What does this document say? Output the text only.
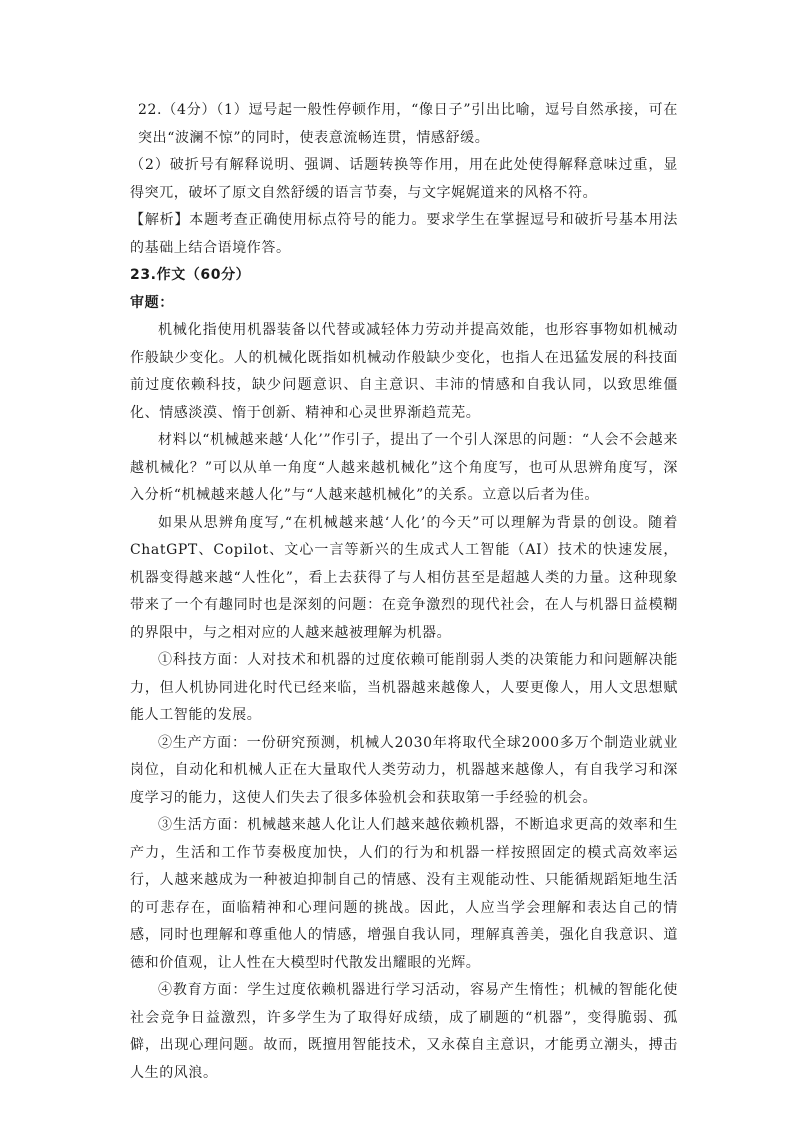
22.（4分）（1）逗号起一般性停顿作用，“像日子”引出比喻，逗号自然承接，可在突出“波澜不惊”的同时，使表意流畅连贯，情感舒缓。

（2）破折号有解释说明、强调、话题转换等作用，用在此处使得解释意味过重，显得突兀，破坏了原文自然舒缓的语言节奏，与文字娓娓道来的风格不符。

【解析】本题考查正确使用标点符号的能力。要求学生在掌握逗号和破折号基本用法的基础上结合语境作答。

23.作文（60分）

审题：

机械化指使用机器装备以代替或减轻体力劳动并提高效能，也形容事物如机械动作般缺少变化。人的机械化既指如机械动作般缺少变化，也指人在迅猛发展的科技面前过度依赖科技，缺少问题意识、自主意识、丰沛的情感和自我认同，以致思维僵化、情感淡漠、惰于创新、精神和心灵世界渐趋荒芜。

材料以“机械越来越‘人化’”作引子，提出了一个引人深思的问题：“人会不会越来越机械化？”可以从单一角度“人越来越机械化”这个角度写，也可从思辨角度写，深入分析“机械越来越人化”与“人越来越机械化”的关系。立意以后者为佳。

如果从思辨角度写,“在机械越来越‘人化’的今天”可以理解为背景的创设。随着ChatGPT、Copilot、文心一言等新兴的生成式人工智能（AI）技术的快速发展，机器变得越来越“人性化”，看上去获得了与人相仿甚至是超越人类的力量。这种现象带来了一个有趣同时也是深刻的问题：在竞争激烈的现代社会，在人与机器日益模糊的界限中，与之相对应的人越来越被理解为机器。

①科技方面：人对技术和机器的过度依赖可能削弱人类的决策能力和问题解决能力，但人机协同进化时代已经来临，当机器越来越像人，人要更像人，用人文思想赋能人工智能的发展。

②生产方面：一份研究预测，机械人2030年将取代全球2000多万个制造业就业岗位，自动化和机械人正在大量取代人类劳动力，机器越来越像人，有自我学习和深度学习的能力，这使人们失去了很多体验机会和获取第一手经验的机会。

③生活方面：机械越来越人化让人们越来越依赖机器，不断追求更高的效率和生产力，生活和工作节奏极度加快，人们的行为和机器一样按照固定的模式高效率运行，人越来越成为一种被迫抑制自己的情感、没有主观能动性、只能循规蹈矩地生活的可悲存在，面临精神和心理问题的挑战。因此，人应当学会理解和表达自己的情感，同时也理解和尊重他人的情感，增强自我认同，理解真善美，强化自我意识、道德和价值观，让人性在大模型时代散发出耀眼的光辉。

④教育方面：学生过度依赖机器进行学习活动，容易产生惰性；机械的智能化使社会竞争日益激烈，许多学生为了取得好成绩，成了刷题的“机器”，变得脆弱、孤僻，出现心理问题。故而，既擅用智能技术，又永葆自主意识，才能勇立潮头，搏击人生的风浪。
